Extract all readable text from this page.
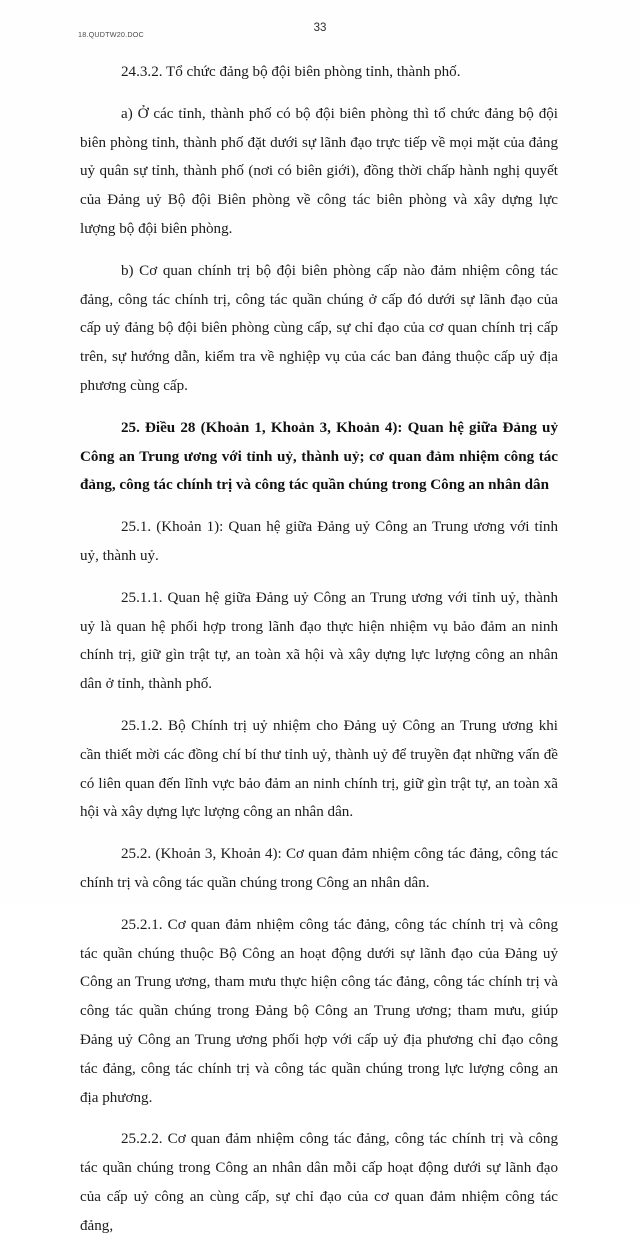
18.QUDTW20.DOC
33

24.3.2. Tổ chức đảng bộ đội biên phòng tỉnh, thành phố.

a) Ở các tỉnh, thành phố có bộ đội biên phòng thì tổ chức đảng bộ đội biên phòng tỉnh, thành phố đặt dưới sự lãnh đạo trực tiếp về mọi mặt của đảng uỷ quân sự tỉnh, thành phố (nơi có biên giới), đồng thời chấp hành nghị quyết của Đảng uỷ Bộ đội Biên phòng về công tác biên phòng và xây dựng lực lượng bộ đội biên phòng.

b) Cơ quan chính trị bộ đội biên phòng cấp nào đảm nhiệm công tác đảng, công tác chính trị, công tác quần chúng ở cấp đó dưới sự lãnh đạo của cấp uỷ đảng bộ đội biên phòng cùng cấp, sự chỉ đạo của cơ quan chính trị cấp trên, sự hướng dẫn, kiểm tra về nghiệp vụ của các ban đảng thuộc cấp uỷ địa phương cùng cấp.

25. Điều 28 (Khoản 1, Khoản 3, Khoản 4): Quan hệ giữa Đảng uỷ Công an Trung ương với tỉnh uỷ, thành uỷ; cơ quan đảm nhiệm công tác đảng, công tác chính trị và công tác quần chúng trong Công an nhân dân

25.1. (Khoản 1): Quan hệ giữa Đảng uỷ Công an Trung ương với tỉnh uỷ, thành uỷ.

25.1.1. Quan hệ giữa Đảng uỷ Công an Trung ương với tỉnh uỷ, thành uỷ là quan hệ phối hợp trong lãnh đạo thực hiện nhiệm vụ bảo đảm an ninh chính trị, giữ gìn trật tự, an toàn xã hội và xây dựng lực lượng công an nhân dân ở tỉnh, thành phố.

25.1.2. Bộ Chính trị uỷ nhiệm cho Đảng uỷ Công an Trung ương khi cần thiết mời các đồng chí bí thư tỉnh uỷ, thành uỷ để truyền đạt những vấn đề có liên quan đến lĩnh vực bảo đảm an ninh chính trị, giữ gìn trật tự, an toàn xã hội và xây dựng lực lượng công an nhân dân.

25.2. (Khoản 3, Khoản 4): Cơ quan đảm nhiệm công tác đảng, công tác chính trị và công tác quần chúng trong Công an nhân dân.

25.2.1. Cơ quan đảm nhiệm công tác đảng, công tác chính trị và công tác quần chúng thuộc Bộ Công an hoạt động dưới sự lãnh đạo của Đảng uỷ Công an Trung ương, tham mưu thực hiện công tác đảng, công tác chính trị và công tác quần chúng trong Đảng bộ Công an Trung ương; tham mưu, giúp Đảng uỷ Công an Trung ương phối hợp với cấp uỷ địa phương chỉ đạo công tác đảng, công tác chính trị và công tác quần chúng trong lực lượng công an địa phương.

25.2.2. Cơ quan đảm nhiệm công tác đảng, công tác chính trị và công tác quần chúng trong Công an nhân dân mỗi cấp hoạt động dưới sự lãnh đạo của cấp uỷ công an cùng cấp, sự chỉ đạo của cơ quan đảm nhiệm công tác đảng,
